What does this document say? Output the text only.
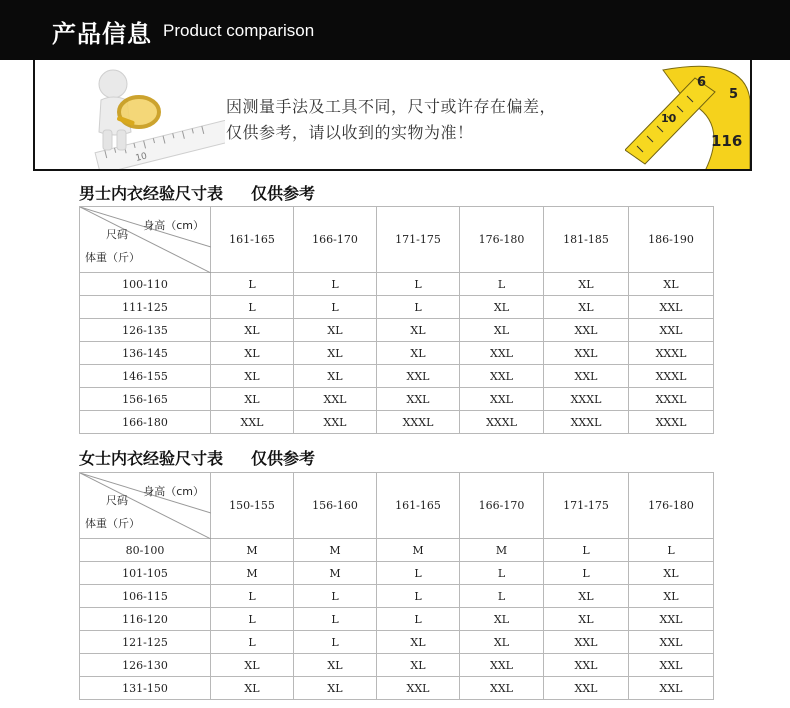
产品信息 Product comparison
10
因测量手法及工具不同，尺寸或许存在偏差，
仅供参考，请以收到的实物为准！	116
6
5
10
男士内衣经验尺寸表 仅供参考
身高（cm）
尺码
体重（斤）	161-165	166-170	171-175	176-180	181-185	186-190
100-110	L	L	L	L	XL	XL
111-125	L	L	L	XL	XL	XXL
126-135	XL	XL	XL	XL	XXL	XXL
136-145	XL	XL	XL	XXL	XXL	XXXL
146-155	XL	XL	XXL	XXL	XXL	XXXL
156-165	XL	XXL	XXL	XXL	XXXL	XXXL
166-180	XXL	XXL	XXXL	XXXL	XXXL	XXXL
女士内衣经验尺寸表 仅供参考
身高（cm）
尺码
体重（斤）	150-155	156-160	161-165	166-170	171-175	176-180
80-100	M	M	M	M	L	L
101-105	M	M	L	L	L	XL
106-115	L	L	L	L	XL	XL
116-120	L	L	L	XL	XL	XXL
121-125	L	L	XL	XL	XXL	XXL
126-130	XL	XL	XL	XXL	XXL	XXL
131-150	XL	XL	XXL	XXL	XXL	XXL
